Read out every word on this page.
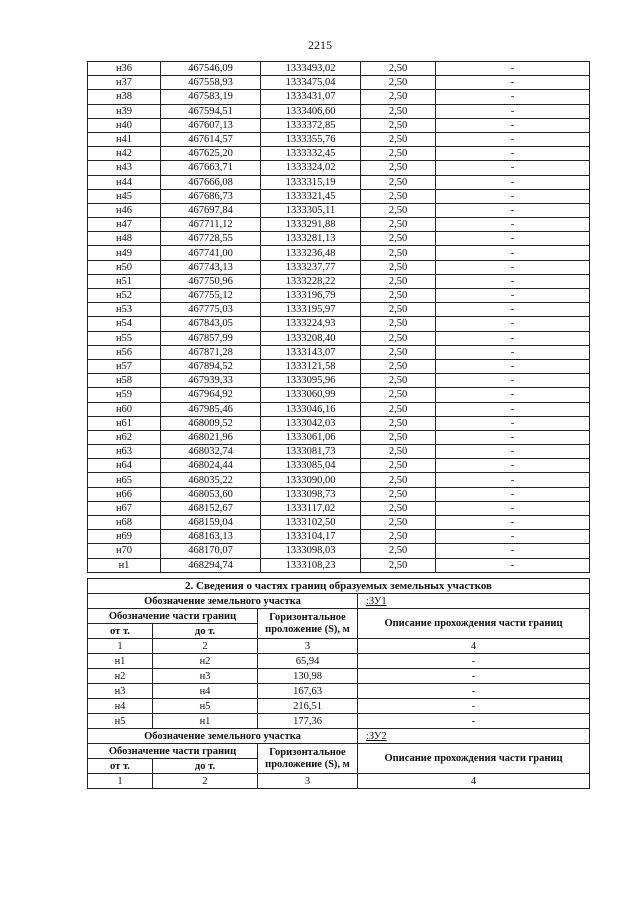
2215
н36	467546,09	1333493,02	2,50	-
н37	467558,93	1333475,04	2,50	-
н38	467583,19	1333431,07	2,50	-
н39	467594,51	1333406,60	2,50	-
н40	467607,13	1333372,85	2,50	-
н41	467614,57	1333355,76	2,50	-
н42	467625,20	1333332,45	2,50	-
н43	467663,71	1333324,02	2,50	-
н44	467666,08	1333315,19	2,50	-
н45	467686,73	1333321,45	2,50	-
н46	467697,84	1333305,11	2,50	-
н47	467711,12	1333291,88	2,50	-
н48	467728,55	1333281,13	2,50	-
н49	467741,00	1333236,48	2,50	-
н50	467743,13	1333237,77	2,50	-
н51	467750,96	1333228,22	2,50	-
н52	467755,12	1333196,79	2,50	-
н53	467775,03	1333195,97	2,50	-
н54	467843,05	1333224,93	2,50	-
н55	467857,99	1333208,40	2,50	-
н56	467871,28	1333143,07	2,50	-
н57	467894,52	1333121,58	2,50	-
н58	467939,33	1333095,96	2,50	-
н59	467964,92	1333060,99	2,50	-
н60	467985,46	1333046,16	2,50	-
н61	468009,52	1333042,03	2,50	-
н62	468021,96	1333061,06	2,50	-
н63	468032,74	1333081,73	2,50	-
н64	468024,44	1333085,04	2,50	-
н65	468035,22	1333090,00	2,50	-
н66	468053,60	1333098,73	2,50	-
н67	468152,67	1333117,02	2,50	-
н68	468159,04	1333102,50	2,50	-
н69	468163,13	1333104,17	2,50	-
н70	468170,07	1333098,03	2,50	-
н1	468294,74	1333108,23	2,50	-
2. Сведения о частях границ образуемых земельных участков			
Обозначение земельного участка			:ЗУ1
Обозначение части границ		Горизонтальное проложение (S), м	Описание прохождения части границ
от т.	до т.		
1	2	3	4
н1	н2	65,94	-
н2	н3	130,98	-
н3	н4	167,63	-
н4	н5	216,51	-
н5	н1	177,36	-
Обозначение земельного участка			:ЗУ2
Обозначение части границ		Горизонтальное проложение (S), м	Описание прохождения части границ
от т.	до т.		
1	2	3	4
